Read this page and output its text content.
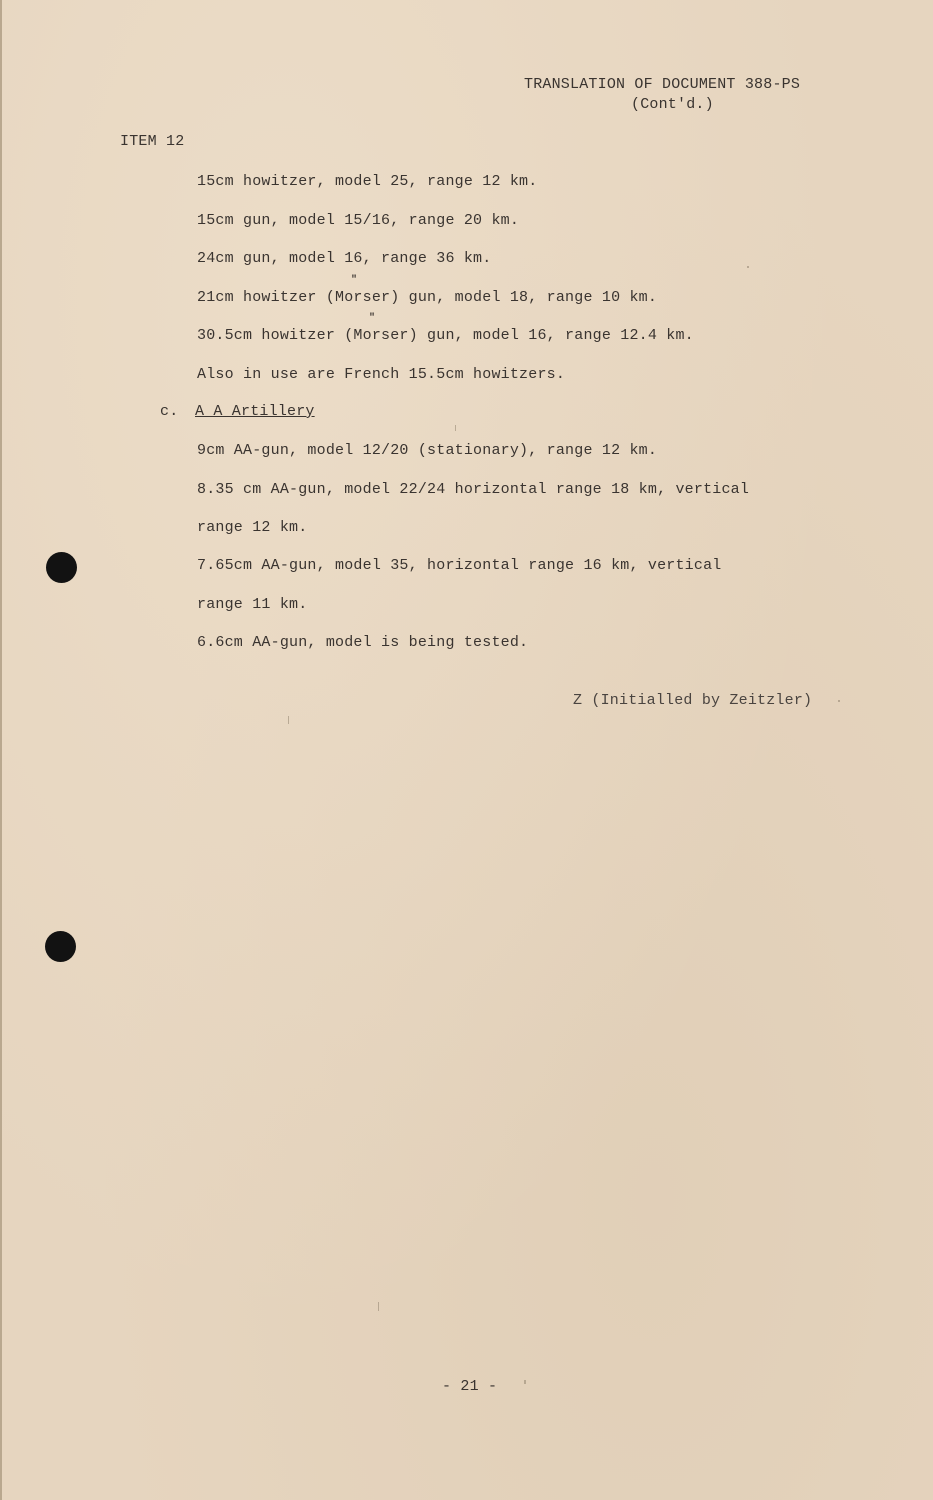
TRANSLATION OF DOCUMENT 388-PS
(Cont'd.)
ITEM 12
15cm howitzer, model 25, range 12 km.
15cm gun, model 15/16, range 20 km.
24cm gun, model 16, range 36 km.
"
21cm howitzer (Morser) gun, model 18, range 10 km.
"
30.5cm howitzer (Morser) gun, model 16, range 12.4 km.
Also in use are French 15.5cm howitzers.
c. A A Artillery
9cm AA-gun, model 12/20 (stationary), range 12 km.
8.35 cm AA-gun, model 22/24 horizontal range 18 km, vertical
range 12 km.
7.65cm AA-gun, model 35, horizontal range 16 km, vertical
range 11 km.
6.6cm AA-gun, model is being tested.
Z (Initialled by Zeitzler)
- 21 -
